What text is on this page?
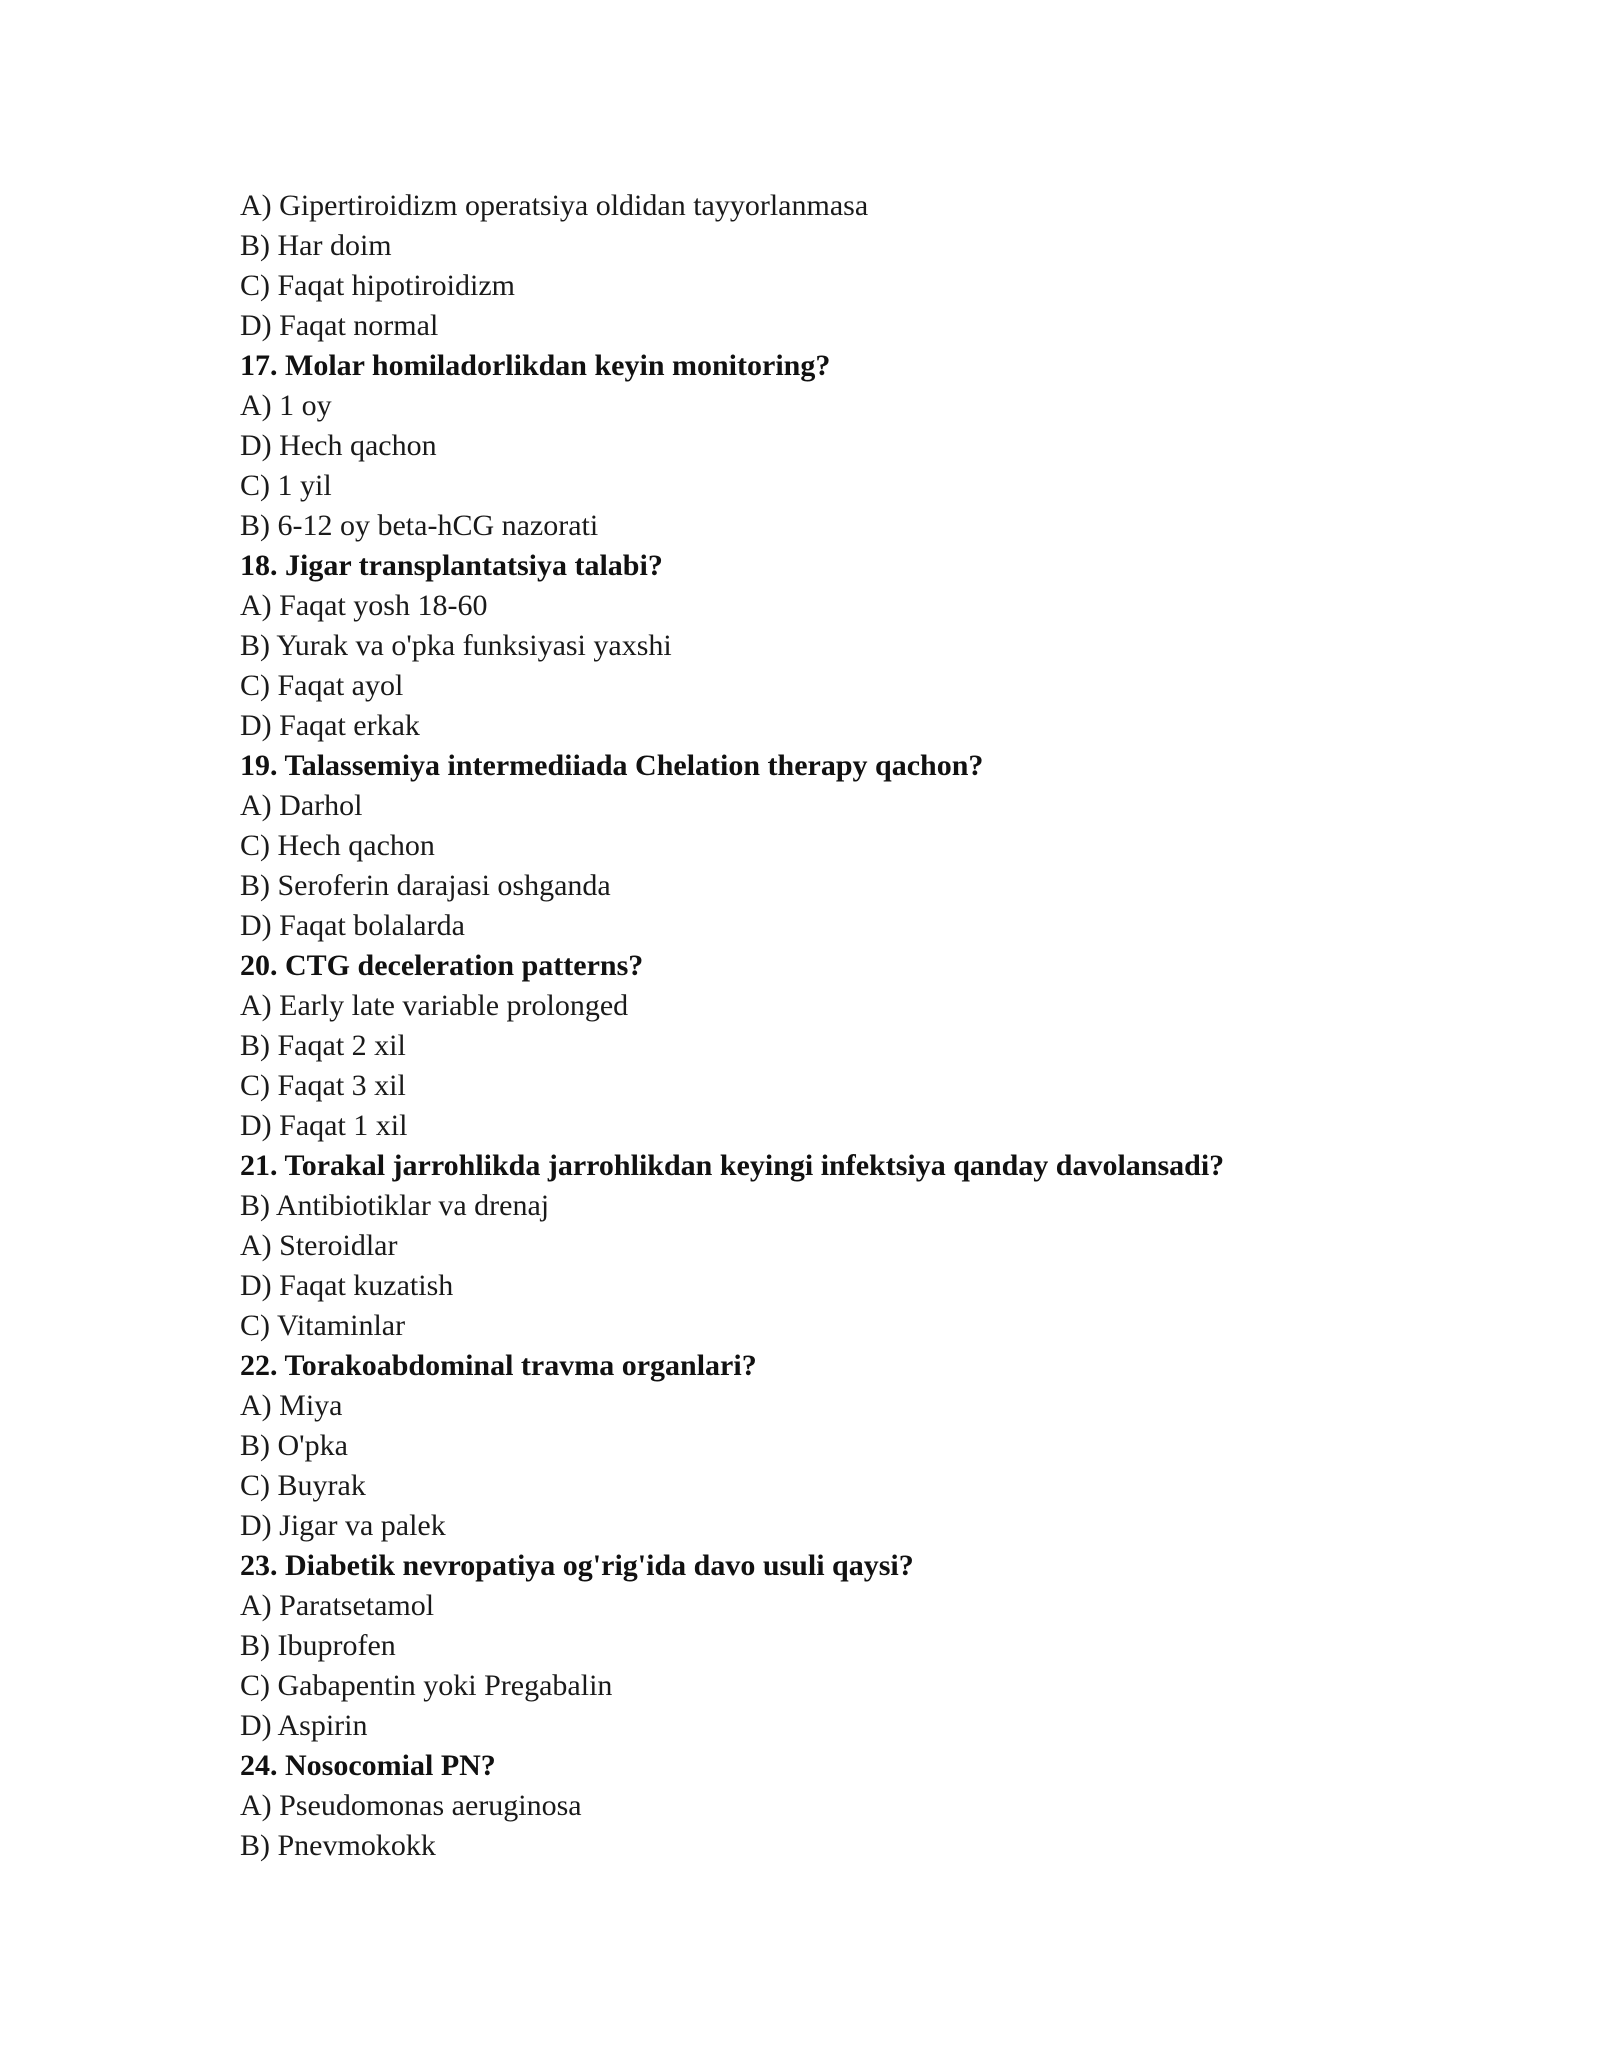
A) Gipertiroidizm operatsiya oldidan tayyorlanmasa
B) Har doim
C) Faqat hipotiroidizm
D) Faqat normal
17. Molar homiladorlikdan keyin monitoring?
A) 1 oy
D) Hech qachon
C) 1 yil
B) 6-12 oy beta-hCG nazorati
18. Jigar transplantatsiya talabi?
A) Faqat yosh 18-60
B) Yurak va o'pka funksiyasi yaxshi
C) Faqat ayol
D) Faqat erkak
19. Talassemiya intermediiada Chelation therapy qachon?
A) Darhol
C) Hech qachon
B) Seroferin darajasi oshganda
D) Faqat bolalarda
20. CTG deceleration patterns?
A) Early late variable prolonged
B) Faqat 2 xil
C) Faqat 3 xil
D) Faqat 1 xil
21. Torakal jarrohlikda jarrohlikdan keyingi infektsiya qanday davolansadi?
B) Antibiotiklar va drenaj
A) Steroidlar
D) Faqat kuzatish
C) Vitaminlar
22. Torakoabdominal travma organlari?
A) Miya
B) O'pka
C) Buyrak
D) Jigar va palek
23. Diabetik nevropatiya og'rig'ida davo usuli qaysi?
A) Paratsetamol
B) Ibuprofen
C) Gabapentin yoki Pregabalin
D) Aspirin
24. Nosocomial PN?
A) Pseudomonas aeruginosa
B) Pnevmokokk
